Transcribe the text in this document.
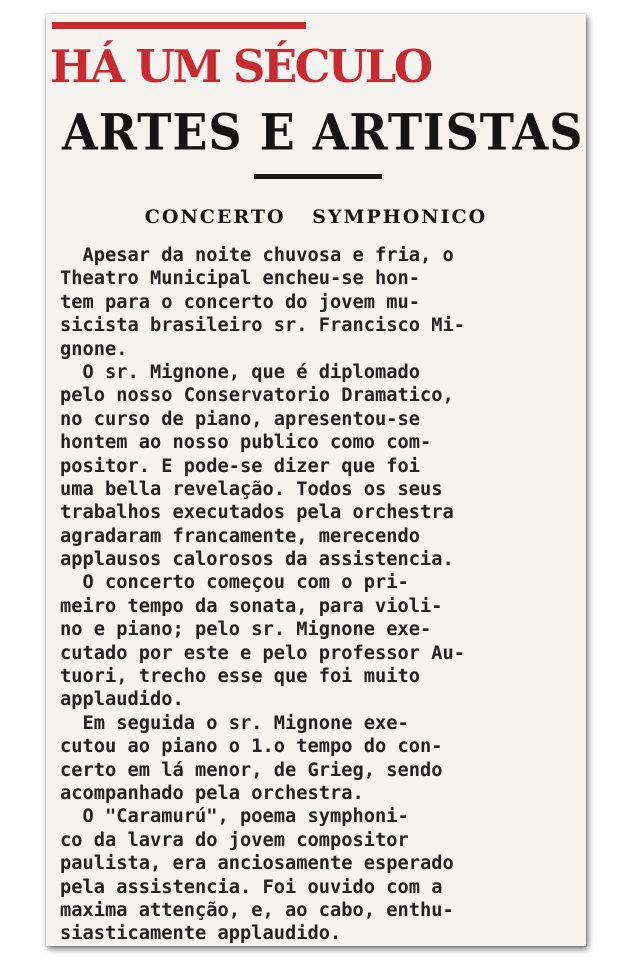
HÁ UM SÉCULO
ARTES E ARTISTAS
CONCERTO SYMPHONICO
Apesar da noite chuvosa e fria, o
Theatro Municipal encheu-se hon-
tem para o concerto do jovem mu-
sicista brasileiro sr. Francisco Mi-
gnone.
O sr. Mignone, que é diplomado
pelo nosso Conservatorio Dramatico,
no curso de piano, apresentou-se
hontem ao nosso publico como com-
positor. E pode-se dizer que foi
uma bella revelação. Todos os seus
trabalhos executados pela orchestra
agradaram francamente, merecendo
applausos calorosos da assistencia.
O concerto começou com o pri-
meiro tempo da sonata, para violi-
no e piano; pelo sr. Mignone exe-
cutado por este e pelo professor Au-
tuori, trecho esse que foi muito
applaudido.
Em seguida o sr. Mignone exe-
cutou ao piano o 1.o tempo do con-
certo em lá menor, de Grieg, sendo
acompanhado pela orchestra.
O "Caramurú", poema symphoni-
co da lavra do jovem compositor
paulista, era anciosamente esperado
pela assistencia. Foi ouvido com a
maxima attenção, e, ao cabo, enthu-
siasticamente applaudido.
